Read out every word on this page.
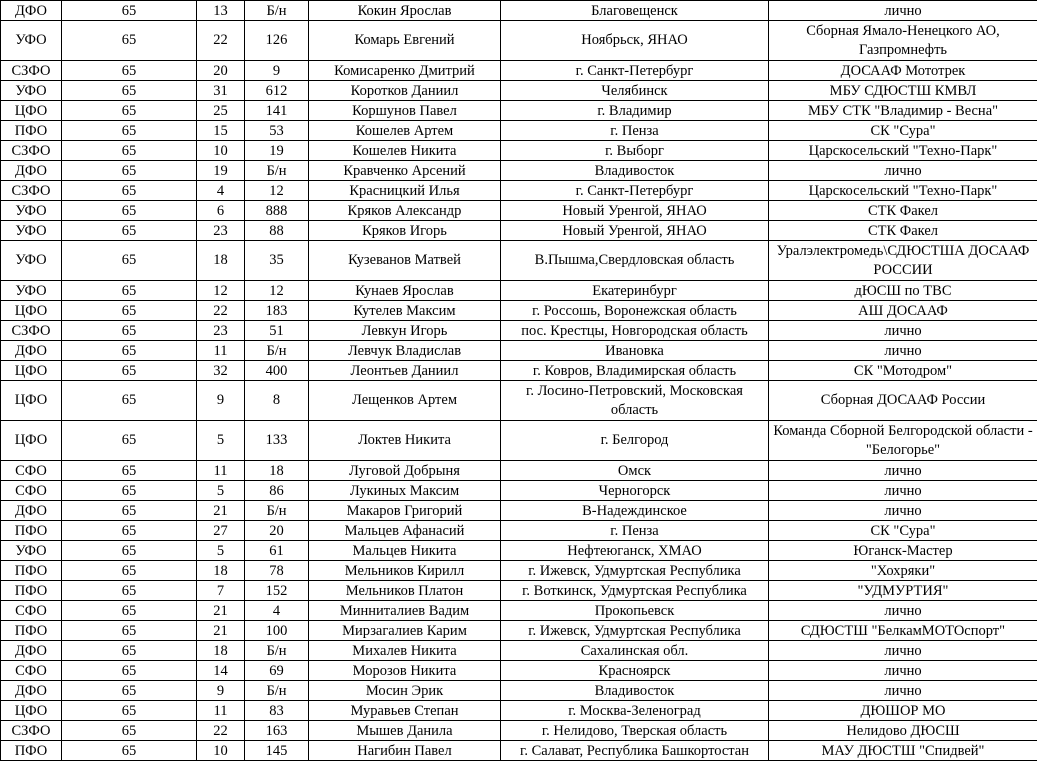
ДФО	65	13	Б/н	Кокин Ярослав	Благовещенск	лично
УФО	65	22	126	Комарь Евгений	Ноябрьск, ЯНАО	Сборная Ямало-Ненецкого АО, Газпромнефть
СЗФО	65	20	9	Комисаренко Дмитрий	г. Санкт-Петербург	ДОСААФ Мототрек
УФО	65	31	612	Коротков Даниил	Челябинск	МБУ СДЮСТШ КМВЛ
ЦФО	65	25	141	Коршунов Павел	г. Владимир	МБУ СТК "Владимир - Весна"
ПФО	65	15	53	Кошелев Артем	г. Пенза	СК "Сура"
СЗФО	65	10	19	Кошелев Никита	г. Выборг	Царскосельский "Техно-Парк"
ДФО	65	19	Б/н	Кравченко Арсений	Владивосток	лично
СЗФО	65	4	12	Красницкий Илья	г. Санкт-Петербург	Царскосельский "Техно-Парк"
УФО	65	6	888	Кряков Александр	Новый Уренгой, ЯНАО	СТК Факел
УФО	65	23	88	Кряков Игорь	Новый Уренгой, ЯНАО	СТК Факел
УФО	65	18	35	Кузеванов Матвей	В.Пышма,Свердловская область	Уралэлектромедь\СДЮСТША ДОСААФ РОССИИ
УФО	65	12	12	Кунаев Ярослав	Екатеринбург	дЮСШ по ТВС
ЦФО	65	22	183	Кутелев Максим	г. Россошь, Воронежская область	АШ ДОСААФ
СЗФО	65	23	51	Левкун Игорь	пос. Крестцы, Новгородская область	лично
ДФО	65	11	Б/н	Левчук Владислав	Ивановка	лично
ЦФО	65	32	400	Леонтьев Даниил	г. Ковров, Владимирская область	СК "Мотодром"
ЦФО	65	9	8	Лещенков Артем	г. Лосино-Петровский, Московская область	Сборная ДОСААФ России
ЦФО	65	5	133	Локтев Никита	г. Белгород	Команда Сборной Белгородской области - "Белогорье"
СФО	65	11	18	Луговой Добрыня	Омск	лично
СФО	65	5	86	Лукиных Максим	Черногорск	лично
ДФО	65	21	Б/н	Макаров Григорий	В-Надеждинское	лично
ПФО	65	27	20	Мальцев Афанасий	г. Пенза	СК "Сура"
УФО	65	5	61	Мальцев Никита	Нефтеюганск, ХМАО	Юганск-Мастер
ПФО	65	18	78	Мельников Кирилл	г. Ижевск, Удмуртская Республика	"Хохряки"
ПФО	65	7	152	Мельников Платон	г. Воткинск, Удмуртская Республика	"УДМУРТИЯ"
СФО	65	21	4	Минниталиев Вадим	Прокопьевск	лично
ПФО	65	21	100	Мирзагалиев Карим	г. Ижевск, Удмуртская Республика	СДЮСТШ "БелкамМОТОспорт"
ДФО	65	18	Б/н	Михалев Никита	Сахалинская обл.	лично
СФО	65	14	69	Морозов Никита	Красноярск	лично
ДФО	65	9	Б/н	Мосин Эрик	Владивосток	лично
ЦФО	65	11	83	Муравьев Степан	г. Москва-Зеленоград	ДЮШОР МО
СЗФО	65	22	163	Мышев Данила	г. Нелидово, Тверская область	Нелидово ДЮСШ
ПФО	65	10	145	Нагибин Павел	г. Салават, Республика Башкортостан	МАУ ДЮСТШ "Спидвей"
